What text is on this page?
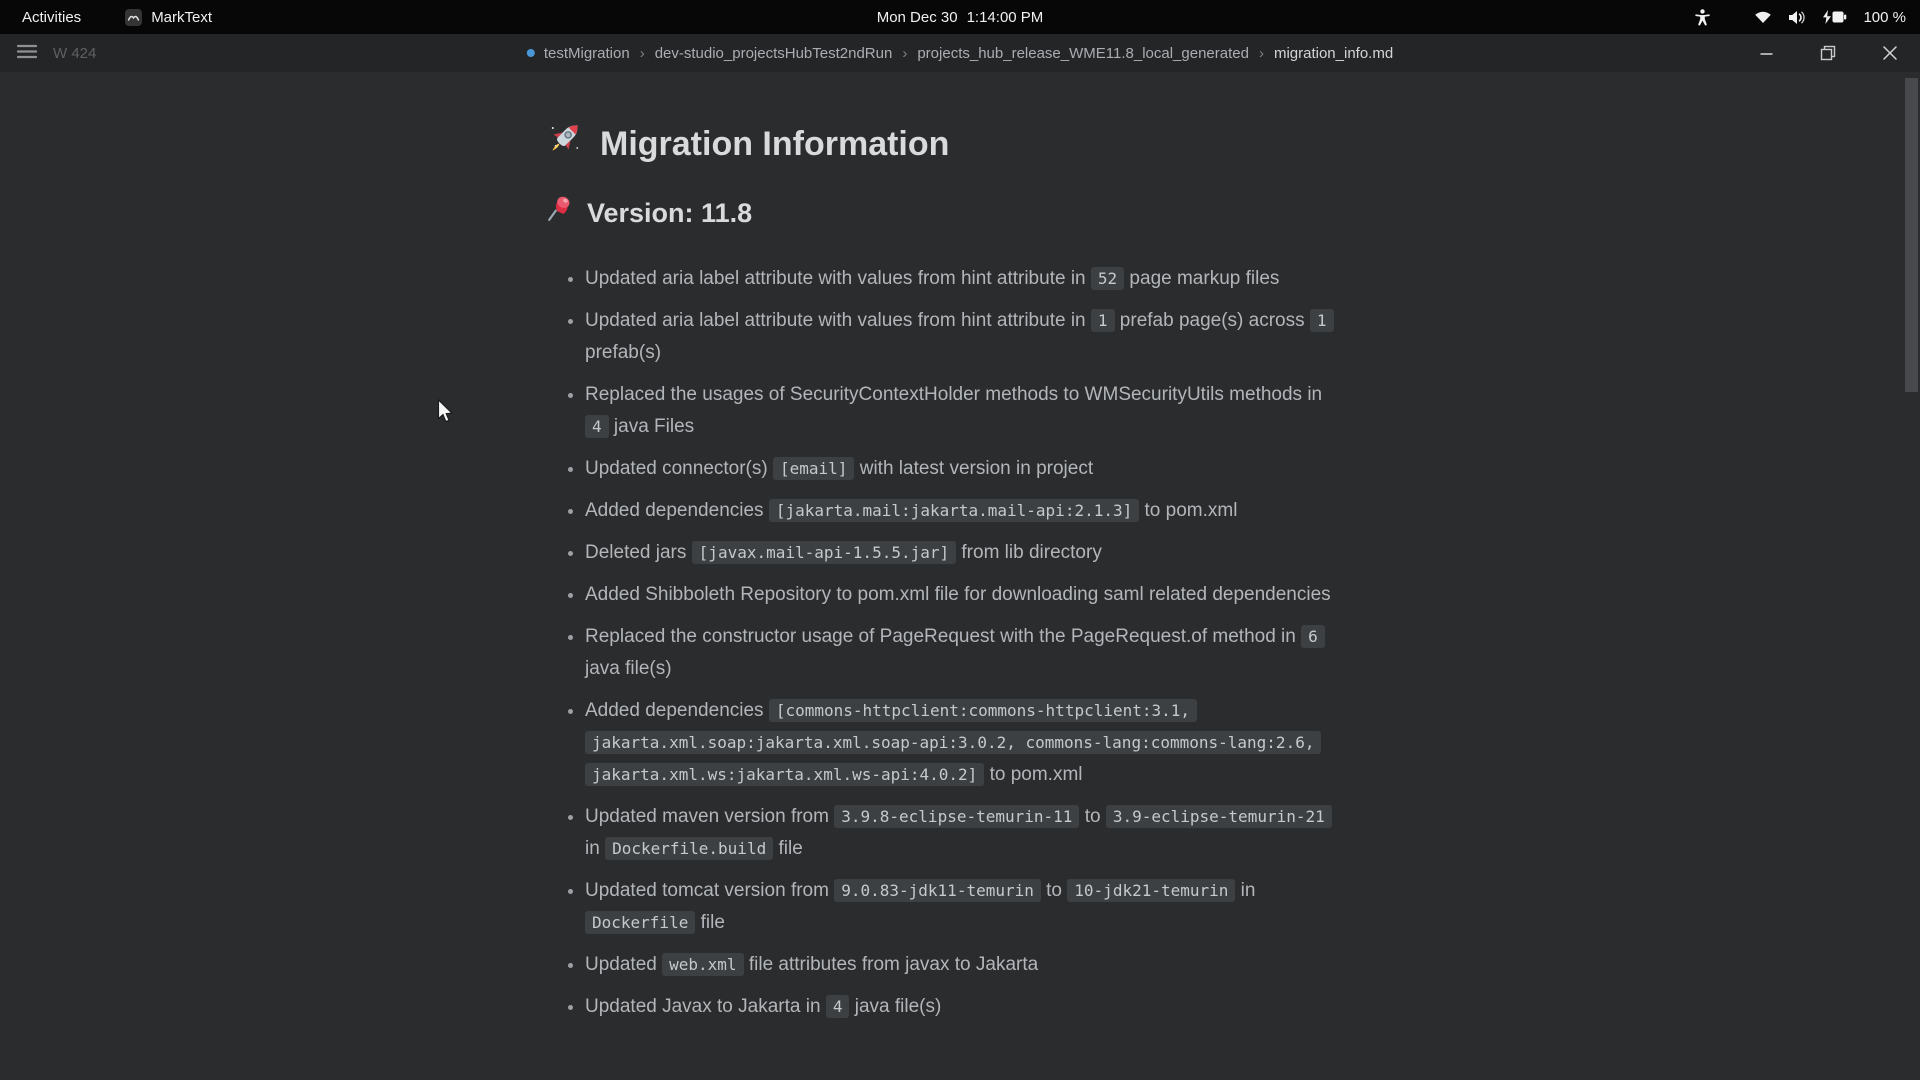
Activities	MarkText	Mon Dec 30 1:14:00 PM	100 %
W 424	testMigration › dev-studio_projectsHubTest2ndRun › projects_hub_release_WME11.8_local_generated › migration_info.md
Migration Information
Version: 11.8
• Updated aria label attribute with values from hint attribute in 52 page markup files
• Updated aria label attribute with values from hint attribute in 1 prefab page(s) across 1 prefab(s)
• Replaced the usages of SecurityContextHolder methods to WMSecurityUtils methods in 4 java Files
• Updated connector(s) [email] with latest version in project
• Added dependencies [jakarta.mail:jakarta.mail-api:2.1.3] to pom.xml
• Deleted jars [javax.mail-api-1.5.5.jar] from lib directory
• Added Shibboleth Repository to pom.xml file for downloading saml related dependencies
• Replaced the constructor usage of PageRequest with the PageRequest.of method in 6 java file(s)
• Added dependencies [commons-httpclient:commons-httpclient:3.1, jakarta.xml.soap:jakarta.xml.soap-api:3.0.2, commons-lang:commons-lang:2.6, jakarta.xml.ws:jakarta.xml.ws-api:4.0.2] to pom.xml
• Updated maven version from 3.9.8-eclipse-temurin-11 to 3.9-eclipse-temurin-21 in Dockerfile.build file
• Updated tomcat version from 9.0.83-jdk11-temurin to 10-jdk21-temurin in Dockerfile file
• Updated web.xml file attributes from javax to Jakarta
• Updated Javax to Jakarta in 4 java file(s)
